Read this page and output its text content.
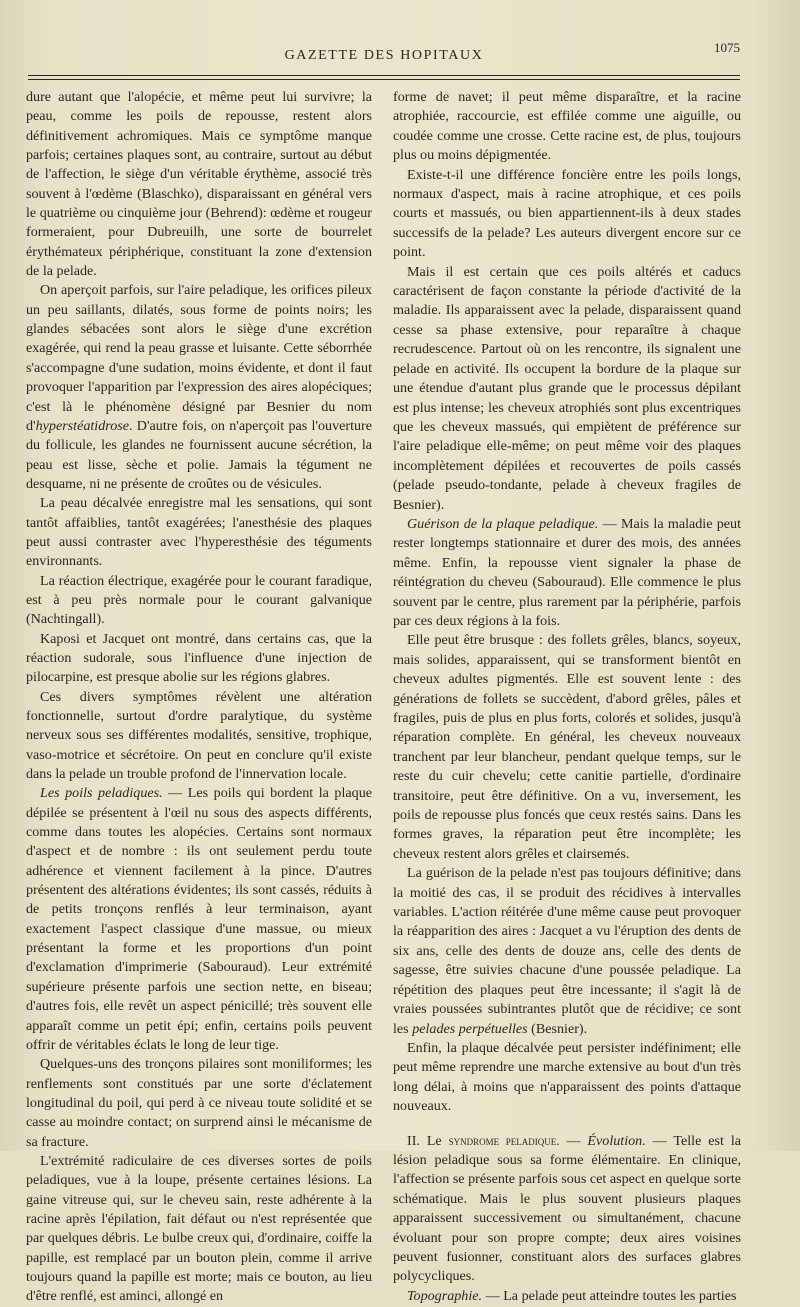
GAZETTE DES HOPITAUX
1075

dure autant que l'alopécie, et même peut lui survivre; la peau, comme les poils de repousse, restent alors définitivement achromiques. Mais ce symptôme manque parfois; certaines plaques sont, au contraire, surtout au début de l'affection, le siège d'un véritable érythème, associé très souvent à l'œdème (Blaschko), disparaissant en général vers le quatrième ou cinquième jour (Behrend): œdème et rougeur formeraient, pour Dubreuilh, une sorte de bourrelet érythémateux périphérique, constituant la zone d'extension de la pelade.

On aperçoit parfois, sur l'aire peladique, les orifices pileux un peu saillants, dilatés, sous forme de points noirs; les glandes sébacées sont alors le siège d'une excrétion exagérée, qui rend la peau grasse et luisante. Cette séborrhée s'accompagne d'une sudation, moins évidente, et dont il faut provoquer l'apparition par l'expression des aires alopéciques; c'est là le phénomène désigné par Besnier du nom d'hyperstéatidrose. D'autre fois, on n'aperçoit pas l'ouverture du follicule, les glandes ne fournissent aucune sécrétion, la peau est lisse, sèche et polie. Jamais la tégument ne desquame, ni ne présente de croûtes ou de vésicules.

La peau décalvée enregistre mal les sensations, qui sont tantôt affaiblies, tantôt exagérées; l'anesthésie des plaques peut aussi contraster avec l'hyperesthésie des téguments environnants.

La réaction électrique, exagérée pour le courant faradique, est à peu près normale pour le courant galvanique (Nachtingall).

Kaposi et Jacquet ont montré, dans certains cas, que la réaction sudorale, sous l'influence d'une injection de pilocarpine, est presque abolie sur les régions glabres.

Ces divers symptômes révèlent une altération fonctionnelle, surtout d'ordre paralytique, du système nerveux sous ses différentes modalités, sensitive, trophique, vaso-motrice et sécrétoire. On peut en conclure qu'il existe dans la pelade un trouble profond de l'innervation locale.

Les poils peladiques. — Les poils qui bordent la plaque dépilée se présentent à l'œil nu sous des aspects différents, comme dans toutes les alopécies. Certains sont normaux d'aspect et de nombre : ils ont seulement perdu toute adhérence et viennent facilement à la pince. D'autres présentent des altérations évidentes; ils sont cassés, réduits à de petits tronçons renflés à leur terminaison, ayant exactement l'aspect classique d'une massue, ou mieux présentant la forme et les proportions d'un point d'exclamation d'imprimerie (Sabouraud). Leur extrémité supérieure présente parfois une section nette, en biseau; d'autres fois, elle revêt un aspect pénicillé; très souvent elle apparaît comme un petit épi; enfin, certains poils peuvent offrir de véritables éclats le long de leur tige.

Quelques-uns des tronçons pilaires sont moniliformes; les renflements sont constitués par une sorte d'éclatement longitudinal du poil, qui perd à ce niveau toute solidité et se casse au moindre contact; on surprend ainsi le mécanisme de sa fracture.

L'extrémité radiculaire de ces diverses sortes de poils peladiques, vue à la loupe, présente certaines lésions. La gaine vitreuse qui, sur le cheveu sain, reste adhérente à la racine après l'épilation, fait défaut ou n'est représentée que par quelques débris. Le bulbe creux qui, d'ordinaire, coiffe la papille, est remplacé par un bouton plein, comme il arrive toujours quand la papille est morte; mais ce bouton, au lieu d'être renflé, est aminci, allongé en

forme de navet; il peut même disparaître, et la racine atrophiée, raccourcie, est effilée comme une aiguille, ou coudée comme une crosse. Cette racine est, de plus, toujours plus ou moins dépigmentée.

Existe-t-il une différence foncière entre les poils longs, normaux d'aspect, mais à racine atrophique, et ces poils courts et massués, ou bien appartiennent-ils à deux stades successifs de la pelade? Les auteurs divergent encore sur ce point.

Mais il est certain que ces poils altérés et caducs caractérisent de façon constante la période d'activité de la maladie. Ils apparaissent avec la pelade, disparaissent quand cesse sa phase extensive, pour reparaître à chaque recrudescence. Partout où on les rencontre, ils signalent une pelade en activité. Ils occupent la bordure de la plaque sur une étendue d'autant plus grande que le processus dépilant est plus intense; les cheveux atrophiés sont plus excentriques que les cheveux massués, qui empiètent de préférence sur l'aire peladique elle-même; on peut même voir des plaques incomplètement dépilées et recouvertes de poils cassés (pelade pseudo-tondante, pelade à cheveux fragiles de Besnier).

Guérison de la plaque peladique. — Mais la maladie peut rester longtemps stationnaire et durer des mois, des années même. Enfin, la repousse vient signaler la phase de réintégration du cheveu (Sabouraud). Elle commence le plus souvent par le centre, plus rarement par la périphérie, parfois par ces deux régions à la fois.

Elle peut être brusque : des follets grêles, blancs, soyeux, mais solides, apparaissent, qui se transforment bientôt en cheveux adultes pigmentés. Elle est souvent lente : des générations de follets se succèdent, d'abord grêles, pâles et fragiles, puis de plus en plus forts, colorés et solides, jusqu'à réparation complète. En général, les cheveux nouveaux tranchent par leur blancheur, pendant quelque temps, sur le reste du cuir chevelu; cette canitie partielle, d'ordinaire transitoire, peut être définitive. On a vu, inversement, les poils de repousse plus foncés que ceux restés sains. Dans les formes graves, la réparation peut être incomplète; les cheveux restent alors grêles et clairsemés.

La guérison de la pelade n'est pas toujours définitive; dans la moitié des cas, il se produit des récidives à intervalles variables. L'action réitérée d'une même cause peut provoquer la réapparition des aires : Jacquet a vu l'éruption des dents de six ans, celle des dents de douze ans, celle des dents de sagesse, être suivies chacune d'une poussée peladique. La répétition des plaques peut être incessante; il s'agit là de vraies poussées subintrantes plutôt que de récidive; ce sont les pelades perpétuelles (Besnier).

Enfin, la plaque décalvée peut persister indéfiniment; elle peut même reprendre une marche extensive au bout d'un très long délai, à moins que n'apparaissent des points d'attaque nouveaux.

II. Le syndrome peladique. — Évolution. — Telle est la lésion peladique sous sa forme élémentaire. En clinique, l'affection se présente parfois sous cet aspect en quelque sorte schématique. Mais le plus souvent plusieurs plaques apparaissent successivement ou simultanément, chacune évoluant pour son propre compte; deux aires voisines peuvent fusionner, constituant alors des surfaces glabres polycycliques.

Topographie. — La pelade peut atteindre toutes les parties
